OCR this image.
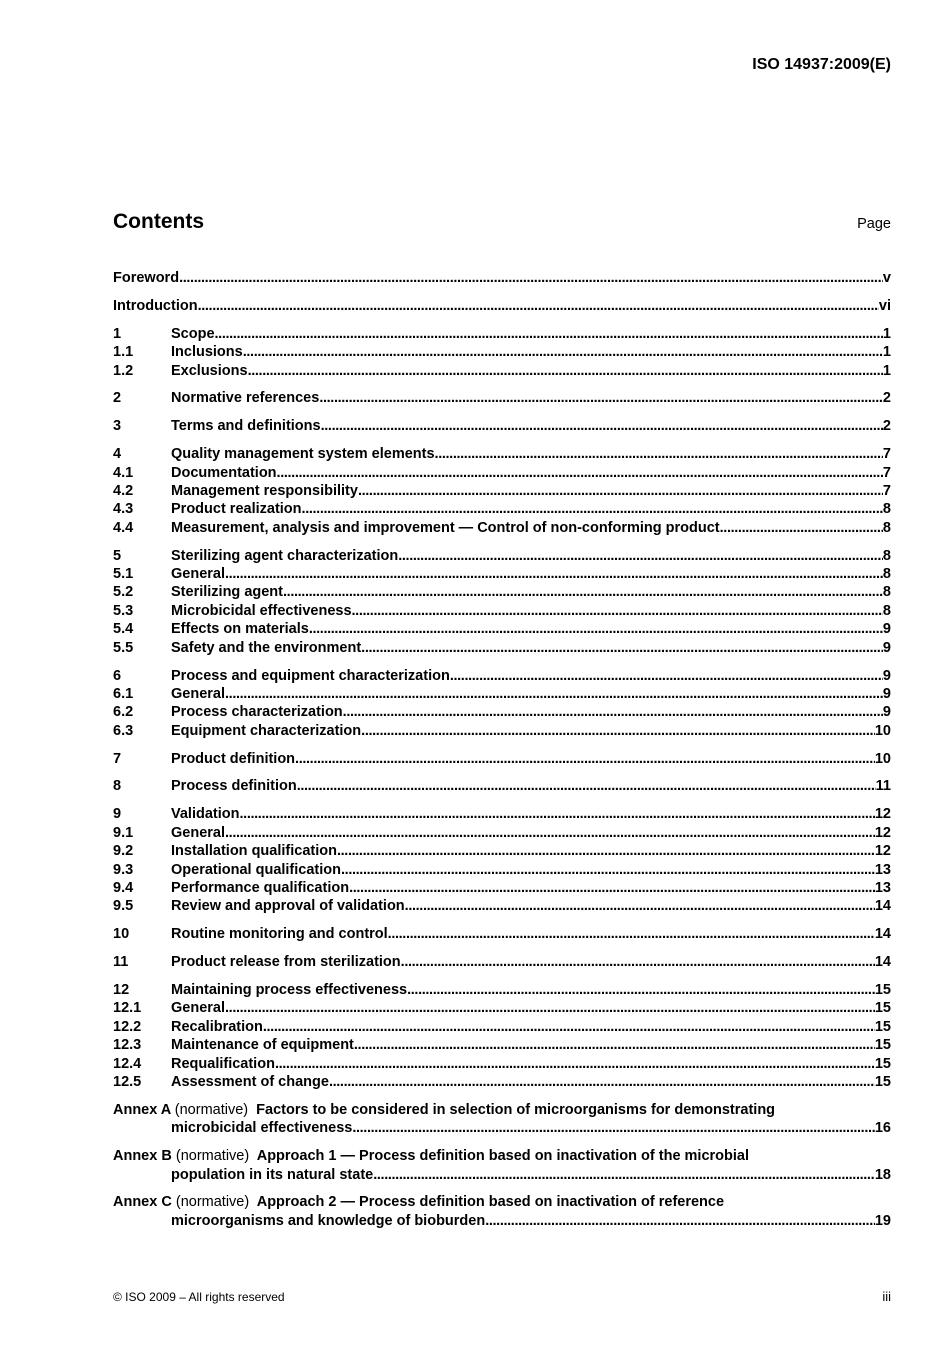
ISO 14937:2009(E)
Contents	Page
Foreword . . .	v
Introduction . . .	vi
1	Scope . . .	1
1.1	Inclusions . . .	1
1.2	Exclusions . . .	1
2	Normative references . . .	2
3	Terms and definitions . . .	2
4	Quality management system elements . . .	7
4.1	Documentation . . .	7
4.2	Management responsibility . . .	7
4.3	Product realization . . .	8
4.4	Measurement, analysis and improvement — Control of non-conforming product . . .	8
5	Sterilizing agent characterization . . .	8
5.1	General . . .	8
5.2	Sterilizing agent . . .	8
5.3	Microbicidal effectiveness . . .	8
5.4	Effects on materials . . .	9
5.5	Safety and the environment . . .	9
6	Process and equipment characterization . . .	9
6.1	General . . .	9
6.2	Process characterization . . .	9
6.3	Equipment characterization . . .	10
7	Product definition . . .	10
8	Process definition . . .	11
9	Validation . . .	12
9.1	General . . .	12
9.2	Installation qualification . . .	12
9.3	Operational qualification . . .	13
9.4	Performance qualification . . .	13
9.5	Review and approval of validation . . .	14
10	Routine monitoring and control . . .	14
11	Product release from sterilization . . .	14
12	Maintaining process effectiveness . . .	15
12.1	General . . .	15
12.2	Recalibration . . .	15
12.3	Maintenance of equipment . . .	15
12.4	Requalification . . .	15
12.5	Assessment of change . . .	15
Annex A (normative) Factors to be considered in selection of microorganisms for demonstrating
microbicidal effectiveness . . .	16
Annex B (normative) Approach 1 — Process definition based on inactivation of the microbial
population in its natural state . . .	18
Annex C (normative) Approach 2 — Process definition based on inactivation of reference
microorganisms and knowledge of bioburden . . .	19
© ISO 2009 – All rights reserved	iii
